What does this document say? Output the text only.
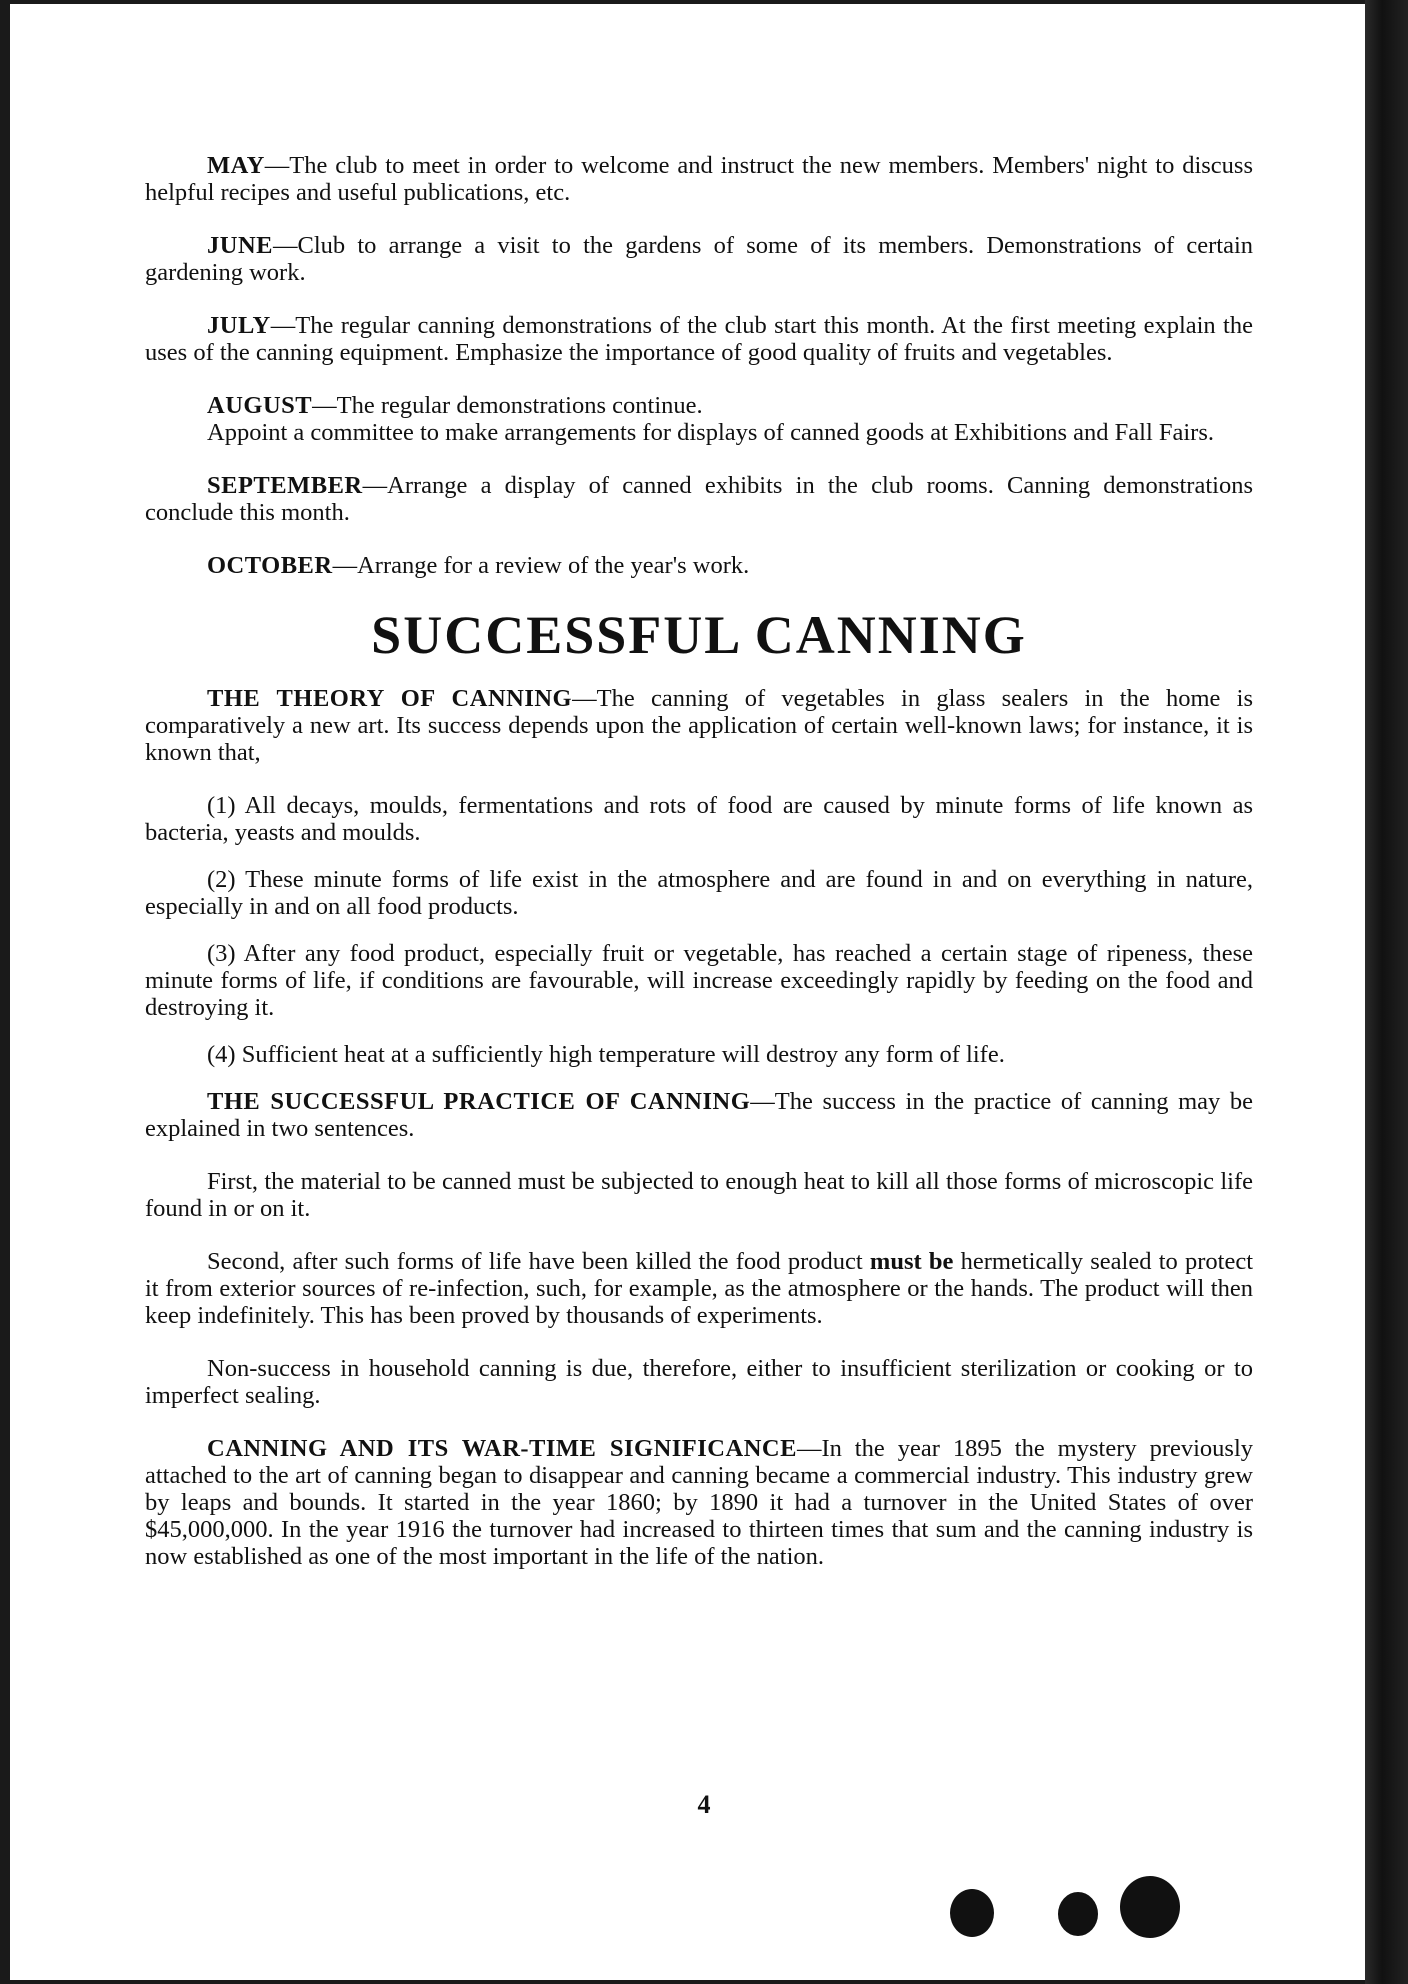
MAY—The club to meet in order to welcome and instruct the new members. Members' night to discuss helpful recipes and useful publications, etc.

JUNE—Club to arrange a visit to the gardens of some of its members. Demonstrations of certain gardening work.

JULY—The regular canning demonstrations of the club start this month. At the first meeting explain the uses of the canning equipment. Emphasize the importance of good quality of fruits and vegetables.

AUGUST—The regular demonstrations continue.

Appoint a committee to make arrangements for displays of canned goods at Exhibitions and Fall Fairs.

SEPTEMBER—Arrange a display of canned exhibits in the club rooms. Canning demonstrations conclude this month.

OCTOBER—Arrange for a review of the year's work.

SUCCESSFUL CANNING

THE THEORY OF CANNING—The canning of vegetables in glass sealers in the home is comparatively a new art. Its success depends upon the application of certain well-known laws; for instance, it is known that,

(1) All decays, moulds, fermentations and rots of food are caused by minute forms of life known as bacteria, yeasts and moulds.

(2) These minute forms of life exist in the atmosphere and are found in and on everything in nature, especially in and on all food products.

(3) After any food product, especially fruit or vegetable, has reached a certain stage of ripeness, these minute forms of life, if conditions are favourable, will increase exceedingly rapidly by feeding on the food and destroying it.

(4) Sufficient heat at a sufficiently high temperature will destroy any form of life.

THE SUCCESSFUL PRACTICE OF CANNING—The success in the practice of canning may be explained in two sentences.

First, the material to be canned must be subjected to enough heat to kill all those forms of microscopic life found in or on it.

Second, after such forms of life have been killed the food product must be hermetically sealed to protect it from exterior sources of re-infection, such, for example, as the atmosphere or the hands. The product will then keep indefinitely. This has been proved by thousands of experiments.

Non-success in household canning is due, therefore, either to insufficient sterilization or cooking or to imperfect sealing.

CANNING AND ITS WAR-TIME SIGNIFICANCE—In the year 1895 the mystery previously attached to the art of canning began to disappear and canning became a commercial industry. This industry grew by leaps and bounds. It started in the year 1860; by 1890 it had a turnover in the United States of over $45,000,000. In the year 1916 the turnover had increased to thirteen times that sum and the canning industry is now established as one of the most important in the life of the nation.

4
